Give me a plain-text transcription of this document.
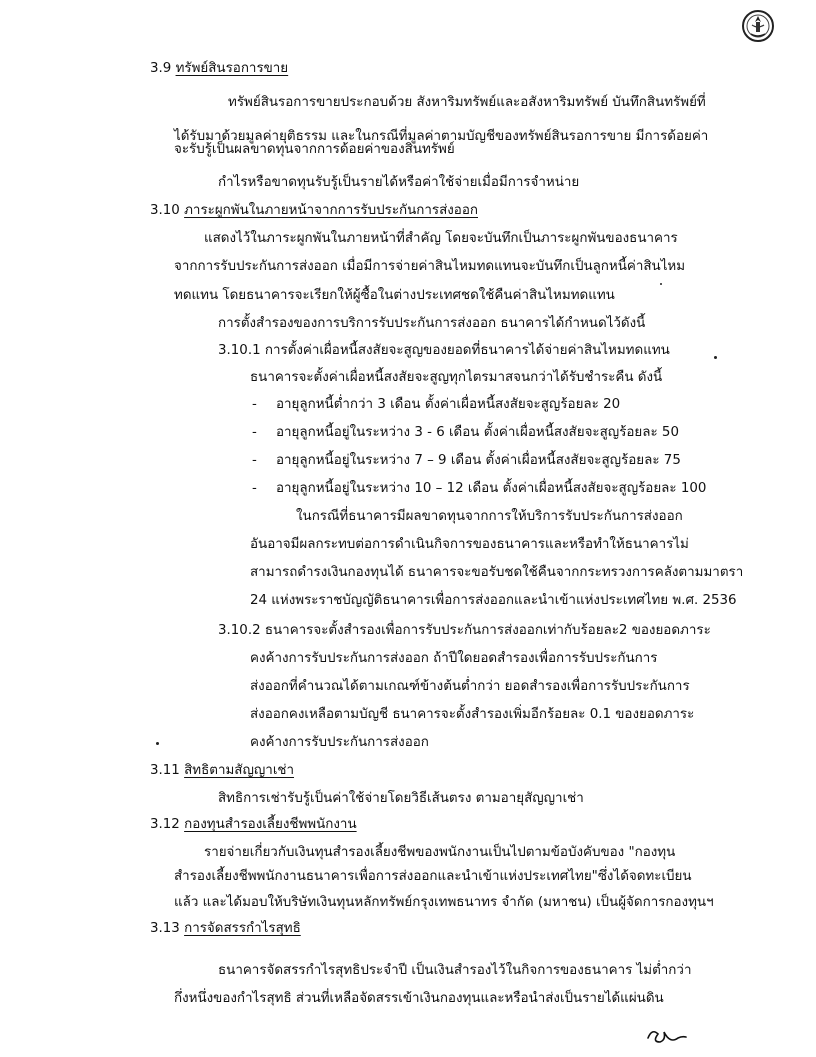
3.9 ทรัพย์สินรอการขาย
ทรัพย์สินรอการขายประกอบด้วย สังหาริมทรัพย์และอสังหาริมทรัพย์ บันทึกสินทรัพย์ที่
ได้รับมาด้วยมูลค่ายุติธรรม และในกรณีที่มูลค่าตามบัญชีของทรัพย์สินรอการขาย มีการด้อยค่า
จะรับรู้เป็นผลขาดทุนจากการด้อยค่าของสินทรัพย์
กำไรหรือขาดทุนรับรู้เป็นรายได้หรือค่าใช้จ่ายเมื่อมีการจำหน่าย
3.10 ภาระผูกพันในภายหน้าจากการรับประกันการส่งออก
แสดงไว้ในภาระผูกพันในภายหน้าที่สำคัญ โดยจะบันทึกเป็นภาระผูกพันของธนาคาร
จากการรับประกันการส่งออก เมื่อมีการจ่ายค่าสินไหมทดแทนจะบันทึกเป็นลูกหนี้ค่าสินไหม
ทดแทน โดยธนาคารจะเรียกให้ผู้ซื้อในต่างประเทศชดใช้คืนค่าสินไหมทดแทน
การตั้งสำรองของการบริการรับประกันการส่งออก ธนาคารได้กำหนดไว้ดังนี้
3.10.1 การตั้งค่าเผื่อหนี้สงสัยจะสูญของยอดที่ธนาคารได้จ่ายค่าสินไหมทดแทน
ธนาคารจะตั้งค่าเผื่อหนี้สงสัยจะสูญทุกไตรมาสจนกว่าได้รับชำระคืน ดังนี้
- อายุลูกหนี้ต่ำกว่า 3 เดือน ตั้งค่าเผื่อหนี้สงสัยจะสูญร้อยละ 20
- อายุลูกหนี้อยู่ในระหว่าง 3 - 6 เดือน ตั้งค่าเผื่อหนี้สงสัยจะสูญร้อยละ 50
- อายุลูกหนี้อยู่ในระหว่าง 7 – 9 เดือน ตั้งค่าเผื่อหนี้สงสัยจะสูญร้อยละ 75
- อายุลูกหนี้อยู่ในระหว่าง 10 – 12 เดือน ตั้งค่าเผื่อหนี้สงสัยจะสูญร้อยละ 100
ในกรณีที่ธนาคารมีผลขาดทุนจากการให้บริการรับประกันการส่งออก
อันอาจมีผลกระทบต่อการดำเนินกิจการของธนาคารและหรือทำให้ธนาคารไม่
สามารถดำรงเงินกองทุนได้ ธนาคารจะขอรับชดใช้คืนจากกระทรวงการคลังตามมาตรา
24 แห่งพระราชบัญญัติธนาคารเพื่อการส่งออกและนำเข้าแห่งประเทศไทย พ.ศ. 2536
3.10.2 ธนาคารจะตั้งสำรองเพื่อการรับประกันการส่งออกเท่ากับร้อยละ2 ของยอดภาระ
คงค้างการรับประกันการส่งออก ถ้าปีใดยอดสำรองเพื่อการรับประกันการ
ส่งออกที่คำนวณได้ตามเกณฑ์ข้างต้นต่ำกว่า ยอดสำรองเพื่อการรับประกันการ
ส่งออกคงเหลือตามบัญชี ธนาคารจะตั้งสำรองเพิ่มอีกร้อยละ 0.1 ของยอดภาระ
คงค้างการรับประกันการส่งออก
3.11 สิทธิตามสัญญาเช่า
สิทธิการเช่ารับรู้เป็นค่าใช้จ่ายโดยวิธีเส้นตรง ตามอายุสัญญาเช่า
3.12 กองทุนสำรองเลี้ยงชีพพนักงาน
รายจ่ายเกี่ยวกับเงินทุนสำรองเลี้ยงชีพของพนักงานเป็นไปตามข้อบังคับของ "กองทุน
สำรองเลี้ยงชีพพนักงานธนาคารเพื่อการส่งออกและนำเข้าแห่งประเทศไทย"ซึ่งได้จดทะเบียน
แล้ว และได้มอบให้บริษัทเงินทุนหลักทรัพย์กรุงเทพธนาทร จำกัด (มหาชน) เป็นผู้จัดการกองทุนฯ
3.13 การจัดสรรกำไรสุทธิ
ธนาคารจัดสรรกำไรสุทธิประจำปี เป็นเงินสำรองไว้ในกิจการของธนาคาร ไม่ต่ำกว่า
กึ่งหนึ่งของกำไรสุทธิ ส่วนที่เหลือจัดสรรเข้าเงินกองทุนและหรือนำส่งเป็นรายได้แผ่นดิน
